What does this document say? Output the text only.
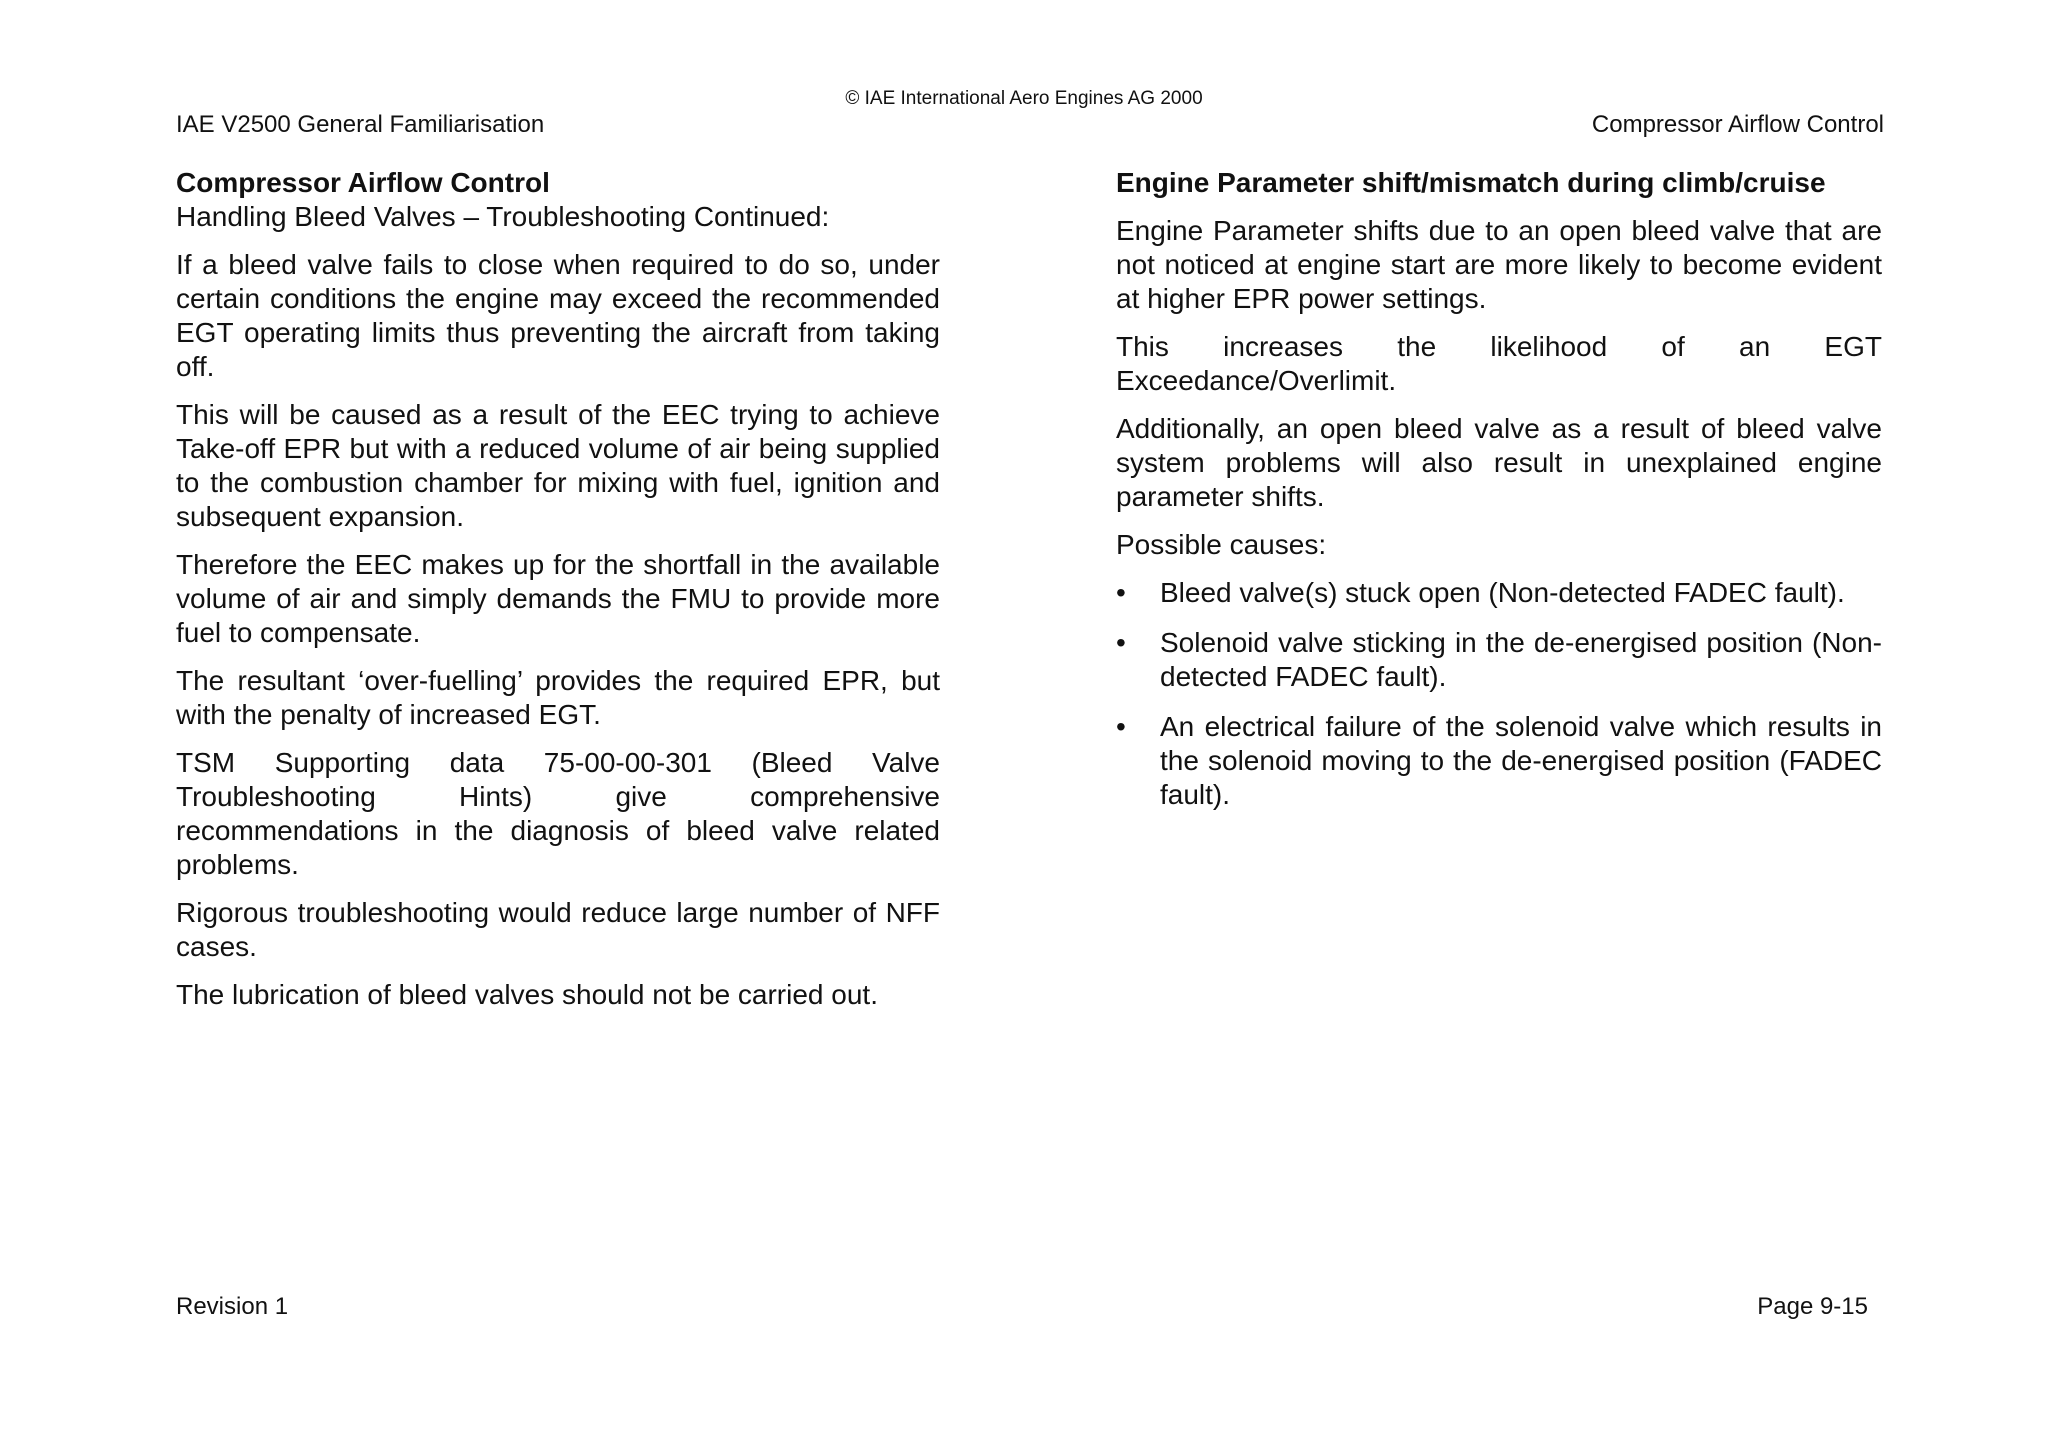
© IAE International Aero Engines AG 2000
IAE V2500 General Familiarisation	Compressor Airflow Control
Compressor Airflow Control
Handling Bleed Valves – Troubleshooting Continued:

If a bleed valve fails to close when required to do so, under certain conditions the engine may exceed the recommended EGT operating limits thus preventing the aircraft from taking off.

This will be caused as a result of the EEC trying to achieve Take-off EPR but with a reduced volume of air being supplied to the combustion chamber for mixing with fuel, ignition and subsequent expansion.

Therefore the EEC makes up for the shortfall in the available volume of air and simply demands the FMU to provide more fuel to compensate.

The resultant ‘over-fuelling’ provides the required EPR, but with the penalty of increased EGT.

TSM Supporting data 75-00-00-301 (Bleed Valve Troubleshooting Hints) give comprehensive recommendations in the diagnosis of bleed valve related problems.

Rigorous troubleshooting would reduce large number of NFF cases.

The lubrication of bleed valves should not be carried out.

Engine Parameter shift/mismatch during climb/cruise

Engine Parameter shifts due to an open bleed valve that are not noticed at engine start are more likely to become evident at higher EPR power settings.

This increases the likelihood of an EGT Exceedance/Overlimit.

Additionally, an open bleed valve as a result of bleed valve system problems will also result in unexplained engine parameter shifts.

Possible causes:

•	Bleed valve(s) stuck open (Non-detected FADEC fault).
•	Solenoid valve sticking in the de-energised position (Non-detected FADEC fault).
•	An electrical failure of the solenoid valve which results in the solenoid moving to the de-energised position (FADEC fault).
Revision 1	Page 9-15
